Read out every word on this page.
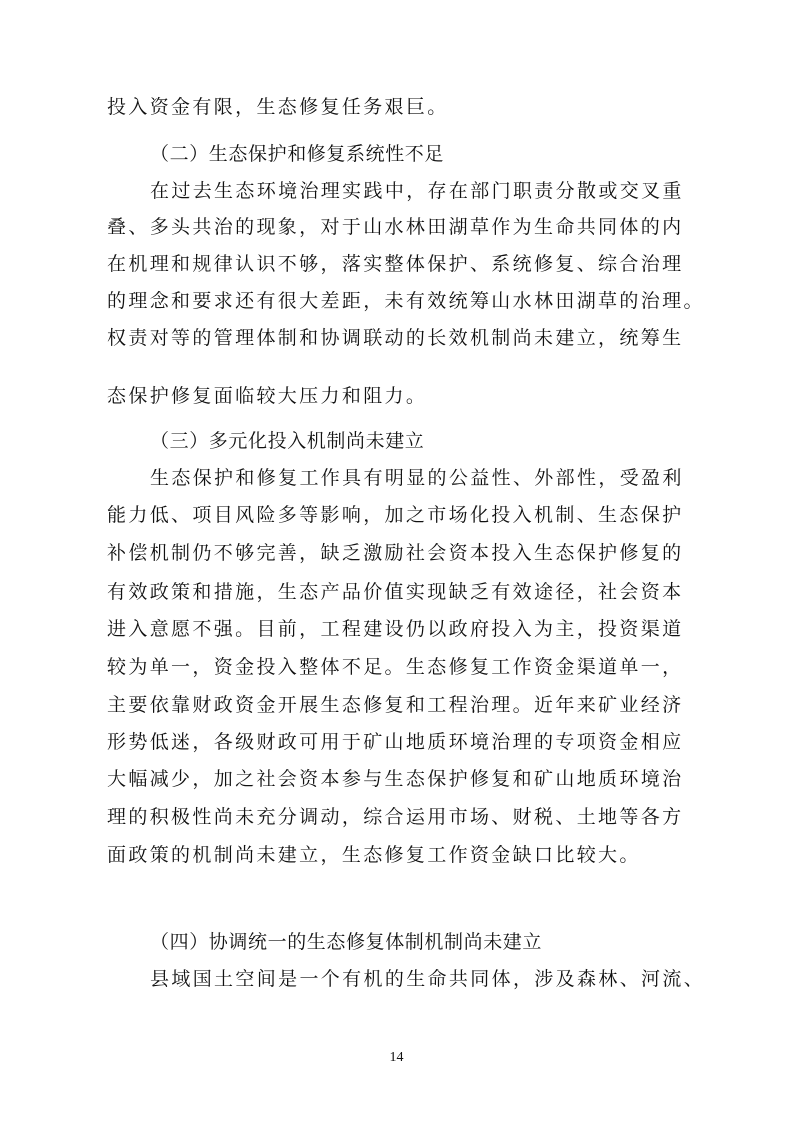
投入资金有限，生态修复任务艰巨。
（二）生态保护和修复系统性不足
在过去生态环境治理实践中，存在部门职责分散或交叉重
叠、多头共治的现象，对于山水林田湖草作为生命共同体的内
在机理和规律认识不够，落实整体保护、系统修复、综合治理
的理念和要求还有很大差距，未有效统筹山水林田湖草的治理。
权责对等的管理体制和协调联动的长效机制尚未建立，统筹生
态保护修复面临较大压力和阻力。
（三）多元化投入机制尚未建立
生态保护和修复工作具有明显的公益性、外部性，受盈利
能力低、项目风险多等影响，加之市场化投入机制、生态保护
补偿机制仍不够完善，缺乏激励社会资本投入生态保护修复的
有效政策和措施，生态产品价值实现缺乏有效途径，社会资本
进入意愿不强。目前，工程建设仍以政府投入为主，投资渠道
较为单一，资金投入整体不足。生态修复工作资金渠道单一，
主要依靠财政资金开展生态修复和工程治理。近年来矿业经济
形势低迷，各级财政可用于矿山地质环境治理的专项资金相应
大幅减少，加之社会资本参与生态保护修复和矿山地质环境治
理的积极性尚未充分调动，综合运用市场、财税、土地等各方
面政策的机制尚未建立，生态修复工作资金缺口比较大。
（四）协调统一的生态修复体制机制尚未建立
县域国土空间是一个有机的生命共同体，涉及森林、河流、
14
